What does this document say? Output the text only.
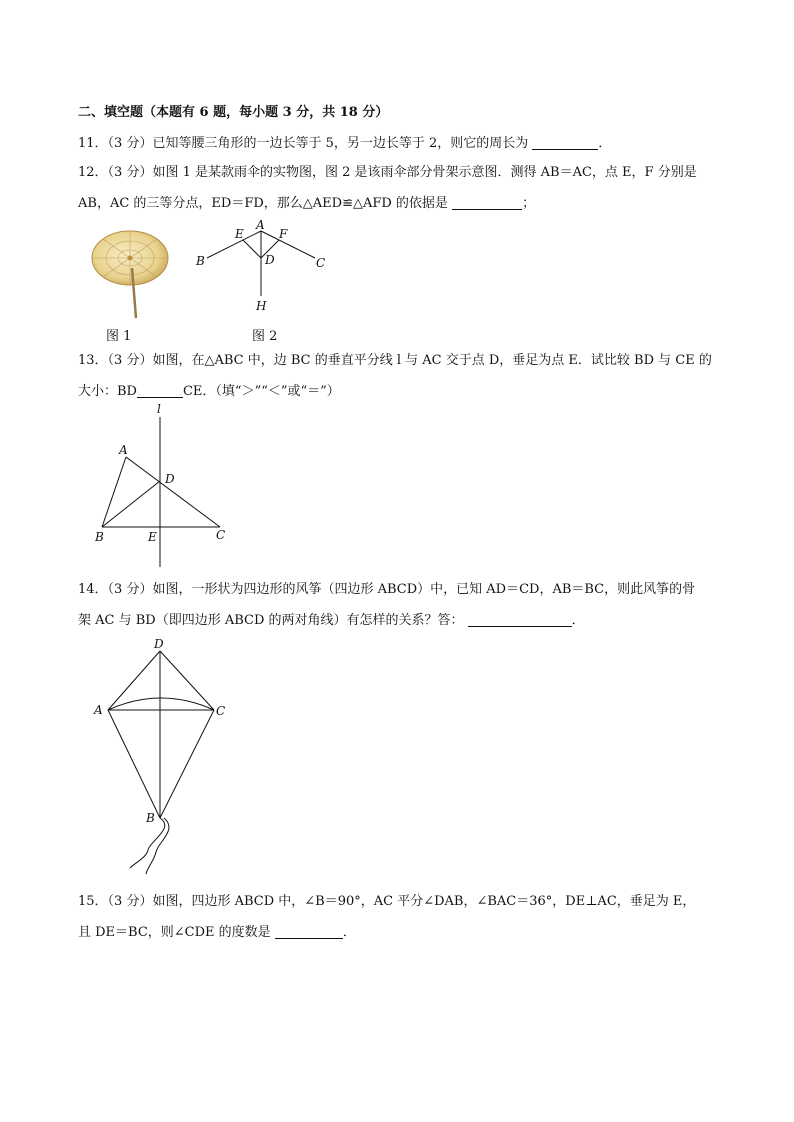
二、填空题（本题有 6 题，每小题 3 分，共 18 分）
11．（3 分）已知等腰三角形的一边长等于 5，另一边长等于 2，则它的周长为	．
12．（3 分）如图 1 是某款雨伞的实物图，图 2 是该雨伞部分骨架示意图．测得 AB＝AC，点 E，F 分别是
AB，AC 的三等分点，ED＝FD，那么△AED≌△AFD 的依据是	；
图 1
A
B	C
D
E	F
H
图 2
13．（3 分）如图，在△ABC 中，边 BC 的垂直平分线 l 与 AC 交于点 D，垂足为点 E．试比较 BD 与 CE 的
大小：BD	CE．（填“＞”“＜”或“＝”）
l
A
B	C
D
E
14．（3 分）如图，一形状为四边形的风筝（四边形 ABCD）中，已知 AD＝CD，AB＝BC，则此风筝的骨
架 AC 与 BD（即四边形 ABCD 的两对角线）有怎样的关系？答：	．
D
A	C
B
15．（3 分）如图，四边形 ABCD 中，∠B＝90°，AC 平分∠DAB，∠BAC＝36°，DE⊥AC，垂足为 E，
且 DE＝BC，则∠CDE 的度数是	．
